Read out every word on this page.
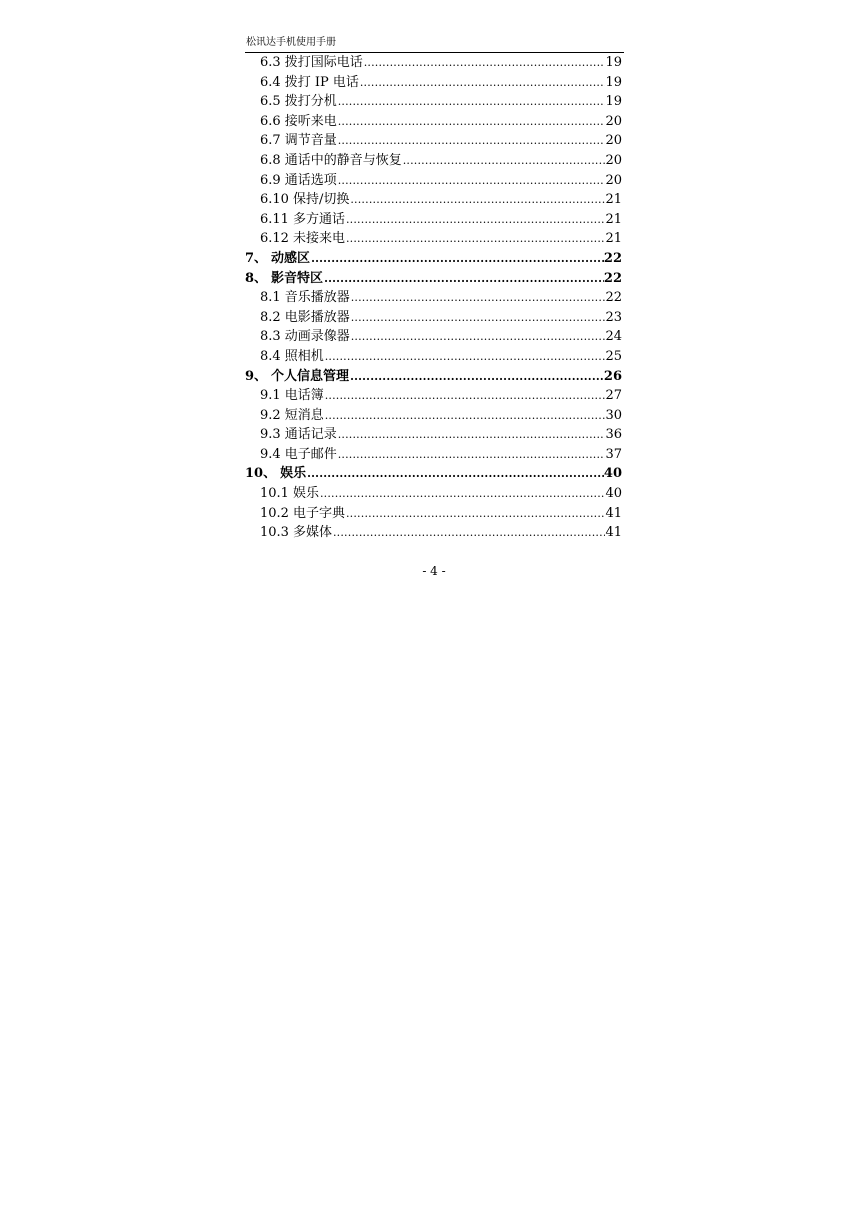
松讯达手机使用手册
6.3 拨打国际电话 .....	19
6.4 拨打 IP 电话 .....	19
6.5 拨打分机 .....	19
6.6 接听来电 .....	20
6.7 调节音量 .....	20
6.8 通话中的静音与恢复 .....	20
6.9 通话选项 .....	20
6.10 保持/切换 .....	21
6.11 多方通话 .....	21
6.12 未接来电 .....	21
7、 动感区 .....	22
8、 影音特区 .....	22
8.1 音乐播放器 .....	22
8.2 电影播放器 .....	23
8.3 动画录像器 .....	24
8.4 照相机 .....	25
9、 个人信息管理 .....	26
9.1 电话簿 .....	27
9.2 短消息 .....	30
9.3 通话记录 .....	36
9.4 电子邮件 .....	37
10、 娱乐 .....	40
10.1 娱乐 .....	40
10.2 电子字典 .....	41
10.3 多媒体 .....	41
- 4 -
